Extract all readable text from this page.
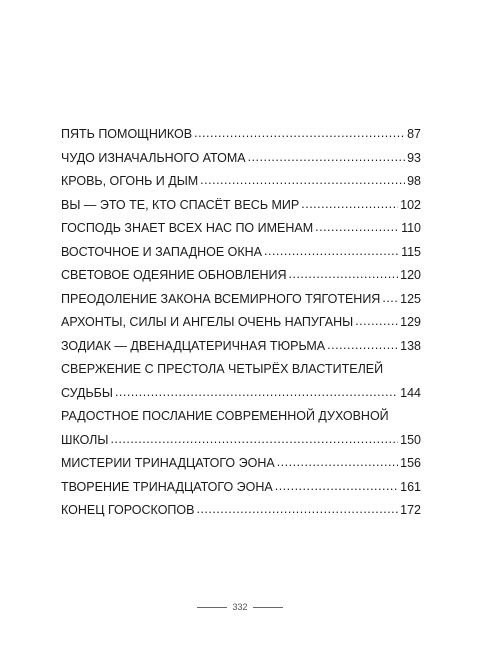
ПЯТЬ ПОМОЩНИКОВ .....	87
ЧУДО ИЗНАЧАЛЬНОГО АТОМА .....	93
КРОВЬ, ОГОНЬ И ДЫМ .....	98
ВЫ — ЭТО ТЕ, КТО СПАСЁТ ВЕСЬ МИР .....	102
ГОСПОДЬ ЗНАЕТ ВСЕХ НАС ПО ИМЕНАМ .....	110
ВОСТОЧНОЕ И ЗАПАДНОЕ ОКНА .....	115
СВЕТОВОЕ ОДЕЯНИЕ ОБНОВЛЕНИЯ .....	120
ПРЕОДОЛЕНИЕ ЗАКОНА ВСЕМИРНОГО ТЯГОТЕНИЯ ..... 125
АРХОНТЫ, СИЛЫ И АНГЕЛЫ ОЧЕНЬ НАПУГАНЫ .....	129
ЗОДИАК — ДВЕНАДЦАТЕРИЧНАЯ ТЮРЬМА .....	138
СВЕРЖЕНИЕ С ПРЕСТОЛА ЧЕТЫРЁХ ВЛАСТИТЕЛЕЙ
СУДЬБЫ .....	144
РАДОСТНОЕ ПОСЛАНИЕ СОВРЕМЕННОЙ ДУХОВНОЙ
ШКОЛЫ .....	150
МИСТЕРИИ ТРИНАДЦАТОГО ЭОНА .....	156
ТВОРЕНИЕ ТРИНАДЦАТОГО ЭОНА .....	161
КОНЕЦ ГОРОСКОПОВ .....	172
332
